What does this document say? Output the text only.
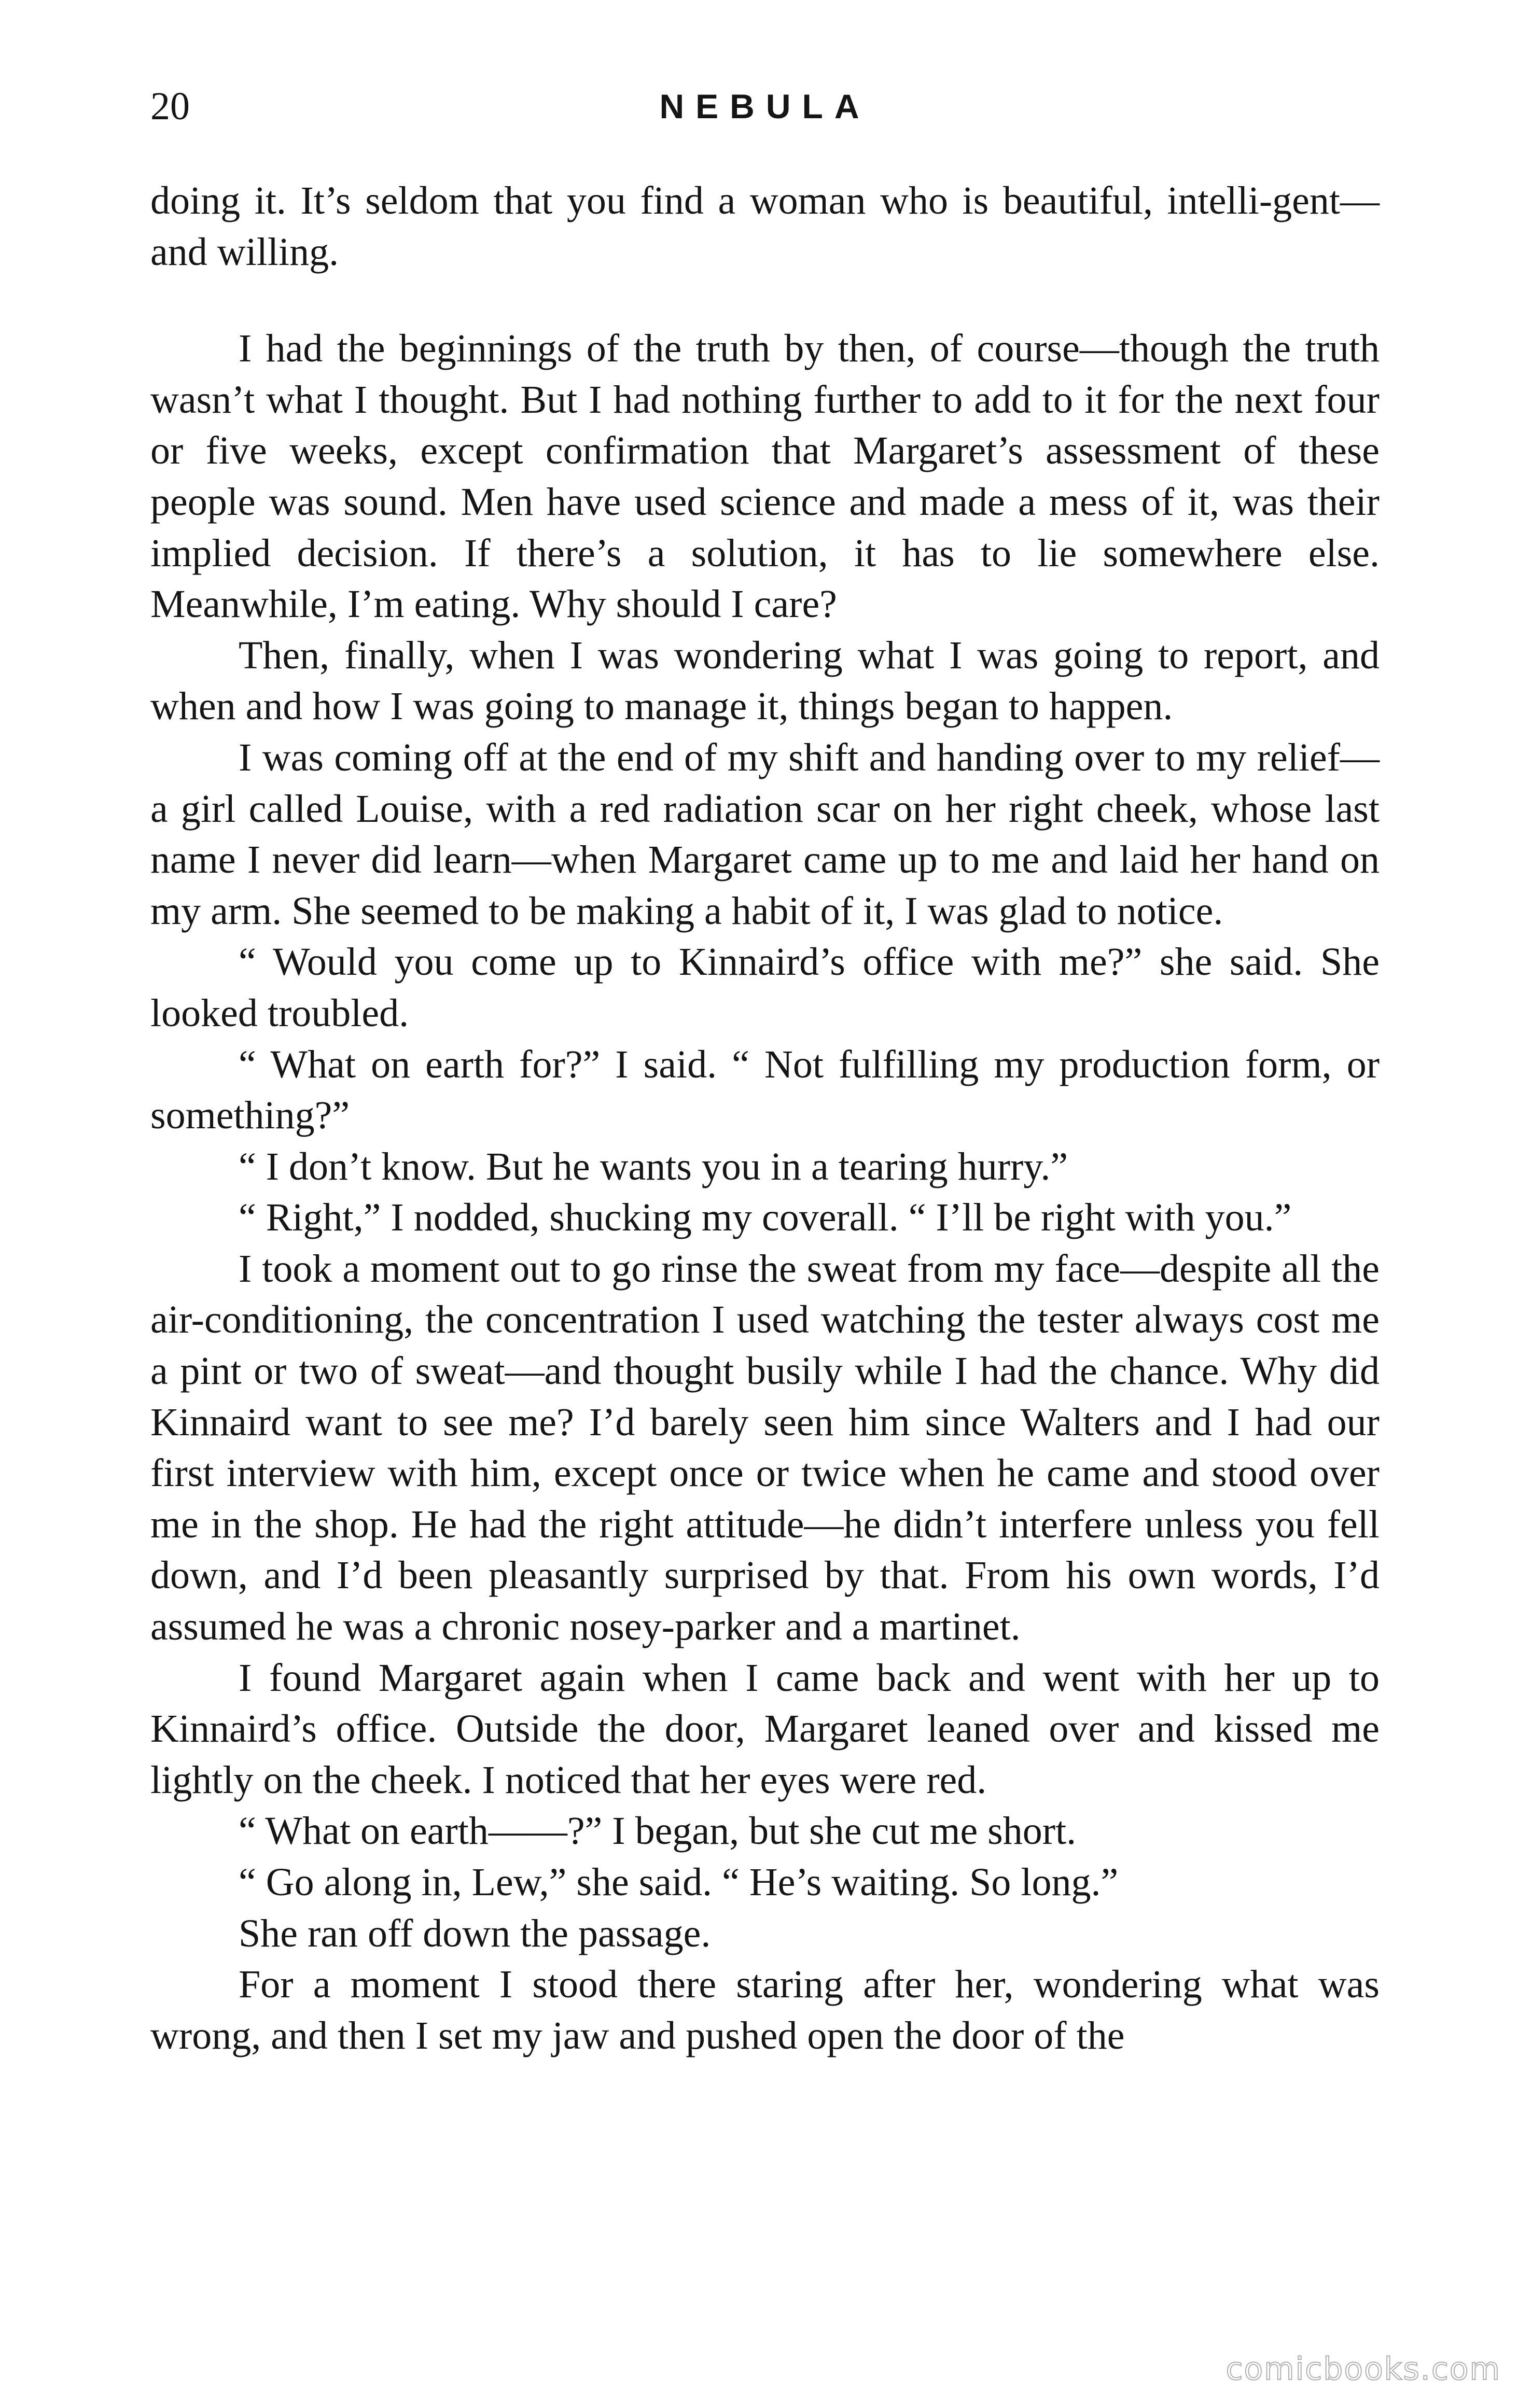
20	NEBULA

doing it. It’s seldom that you find a woman who is beautiful, intelli-gent—and willing.

I had the beginnings of the truth by then, of course—though the truth wasn’t what I thought. But I had nothing further to add to it for the next four or five weeks, except confirmation that Margaret’s assessment of these people was sound. Men have used science and made a mess of it, was their implied decision. If there’s a solution, it has to lie somewhere else. Meanwhile, I’m eating. Why should I care?

Then, finally, when I was wondering what I was going to report, and when and how I was going to manage it, things began to happen.

I was coming off at the end of my shift and handing over to my relief—a girl called Louise, with a red radiation scar on her right cheek, whose last name I never did learn—when Margaret came up to me and laid her hand on my arm. She seemed to be making a habit of it, I was glad to notice.

“ Would you come up to Kinnaird’s office with me?” she said. She looked troubled.

“ What on earth for?” I said. “ Not fulfilling my production form, or something?”

“ I don’t know. But he wants you in a tearing hurry.”

“ Right,” I nodded, shucking my coverall. “ I’ll be right with you.”

I took a moment out to go rinse the sweat from my face—despite all the air-conditioning, the concentration I used watching the tester always cost me a pint or two of sweat—and thought busily while I had the chance. Why did Kinnaird want to see me? I’d barely seen him since Walters and I had our first interview with him, except once or twice when he came and stood over me in the shop. He had the right attitude—he didn’t interfere unless you fell down, and I’d been pleasantly surprised by that. From his own words, I’d assumed he was a chronic nosey-parker and a martinet.

I found Margaret again when I came back and went with her up to Kinnaird’s office. Outside the door, Margaret leaned over and kissed me lightly on the cheek. I noticed that her eyes were red.

“ What on earth——?” I began, but she cut me short.

“ Go along in, Lew,” she said. “ He’s waiting. So long.”

She ran off down the passage.

For a moment I stood there staring after her, wondering what was wrong, and then I set my jaw and pushed open the door of the

comicbooks.com
